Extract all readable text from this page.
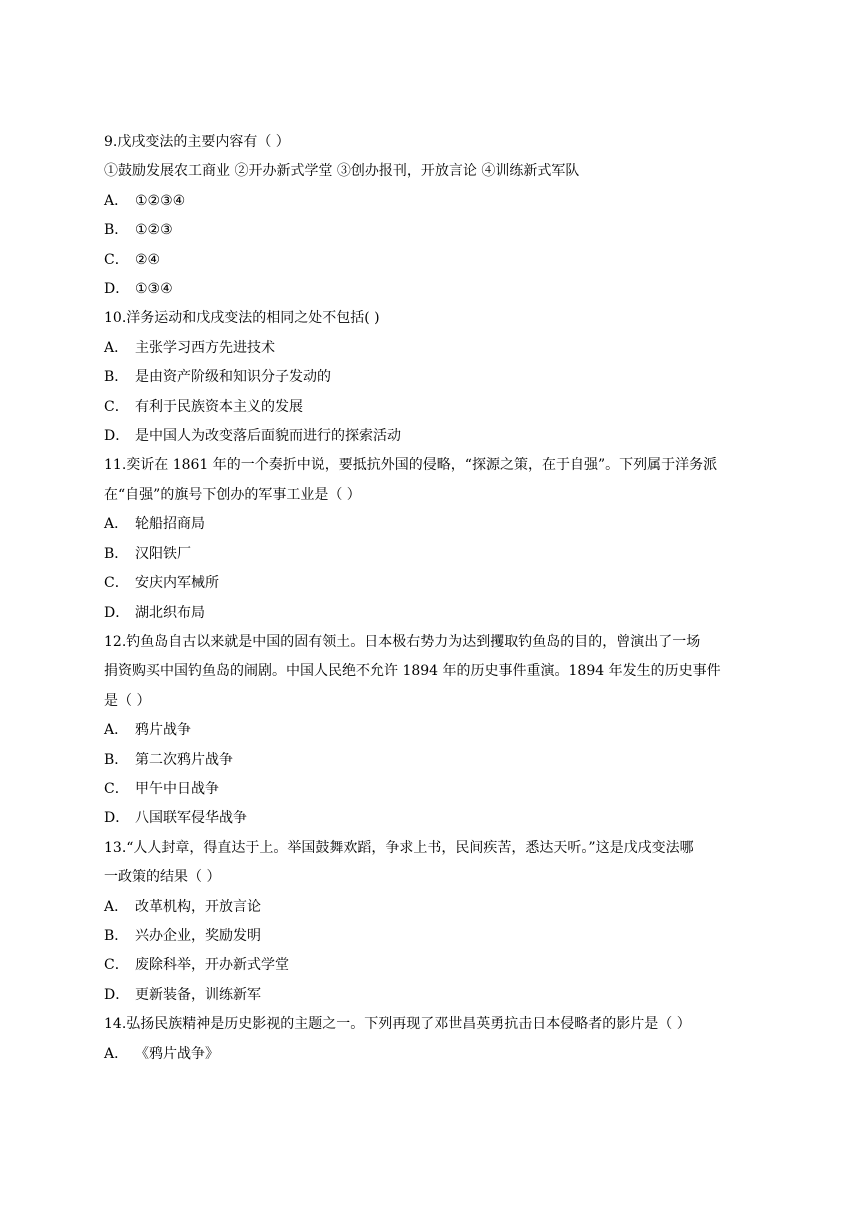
9.戊戌变法的主要内容有（ ）
①鼓励发展农工商业 ②开办新式学堂 ③创办报刊，开放言论 ④训练新式军队
A． ①②③④
B． ①②③
C． ②④
D． ①③④
10.洋务运动和戊戌变法的相同之处不包括( )
A． 主张学习西方先进技术
B． 是由资产阶级和知识分子发动的
C． 有利于民族资本主义的发展
D． 是中国人为改变落后面貌而进行的探索活动
11.奕䜣在 1861 年的一个奏折中说，要抵抗外国的侵略，“探源之策，在于自强”。下列属于洋务派
在“自强”的旗号下创办的军事工业是（ ）
A． 轮船招商局
B． 汉阳铁厂
C． 安庆内军械所
D． 湖北织布局
12.钓鱼岛自古以来就是中国的固有领土。日本极右势力为达到攫取钓鱼岛的目的，曾演出了一场
捐资购买中国钓鱼岛的闹剧。中国人民绝不允许 1894 年的历史事件重演。1894 年发生的历史事件
是（ ）
A． 鸦片战争
B． 第二次鸦片战争
C． 甲午中日战争
D． 八国联军侵华战争
13.“人人封章，得直达于上。举国鼓舞欢蹈，争求上书，民间疾苦，悉达天听。”这是戊戌变法哪
一政策的结果（ ）
A． 改革机构，开放言论
B． 兴办企业，奖励发明
C． 废除科举，开办新式学堂
D． 更新装备，训练新军
14.弘扬民族精神是历史影视的主题之一。下列再现了邓世昌英勇抗击日本侵略者的影片是（ ）
A． 《鸦片战争》
